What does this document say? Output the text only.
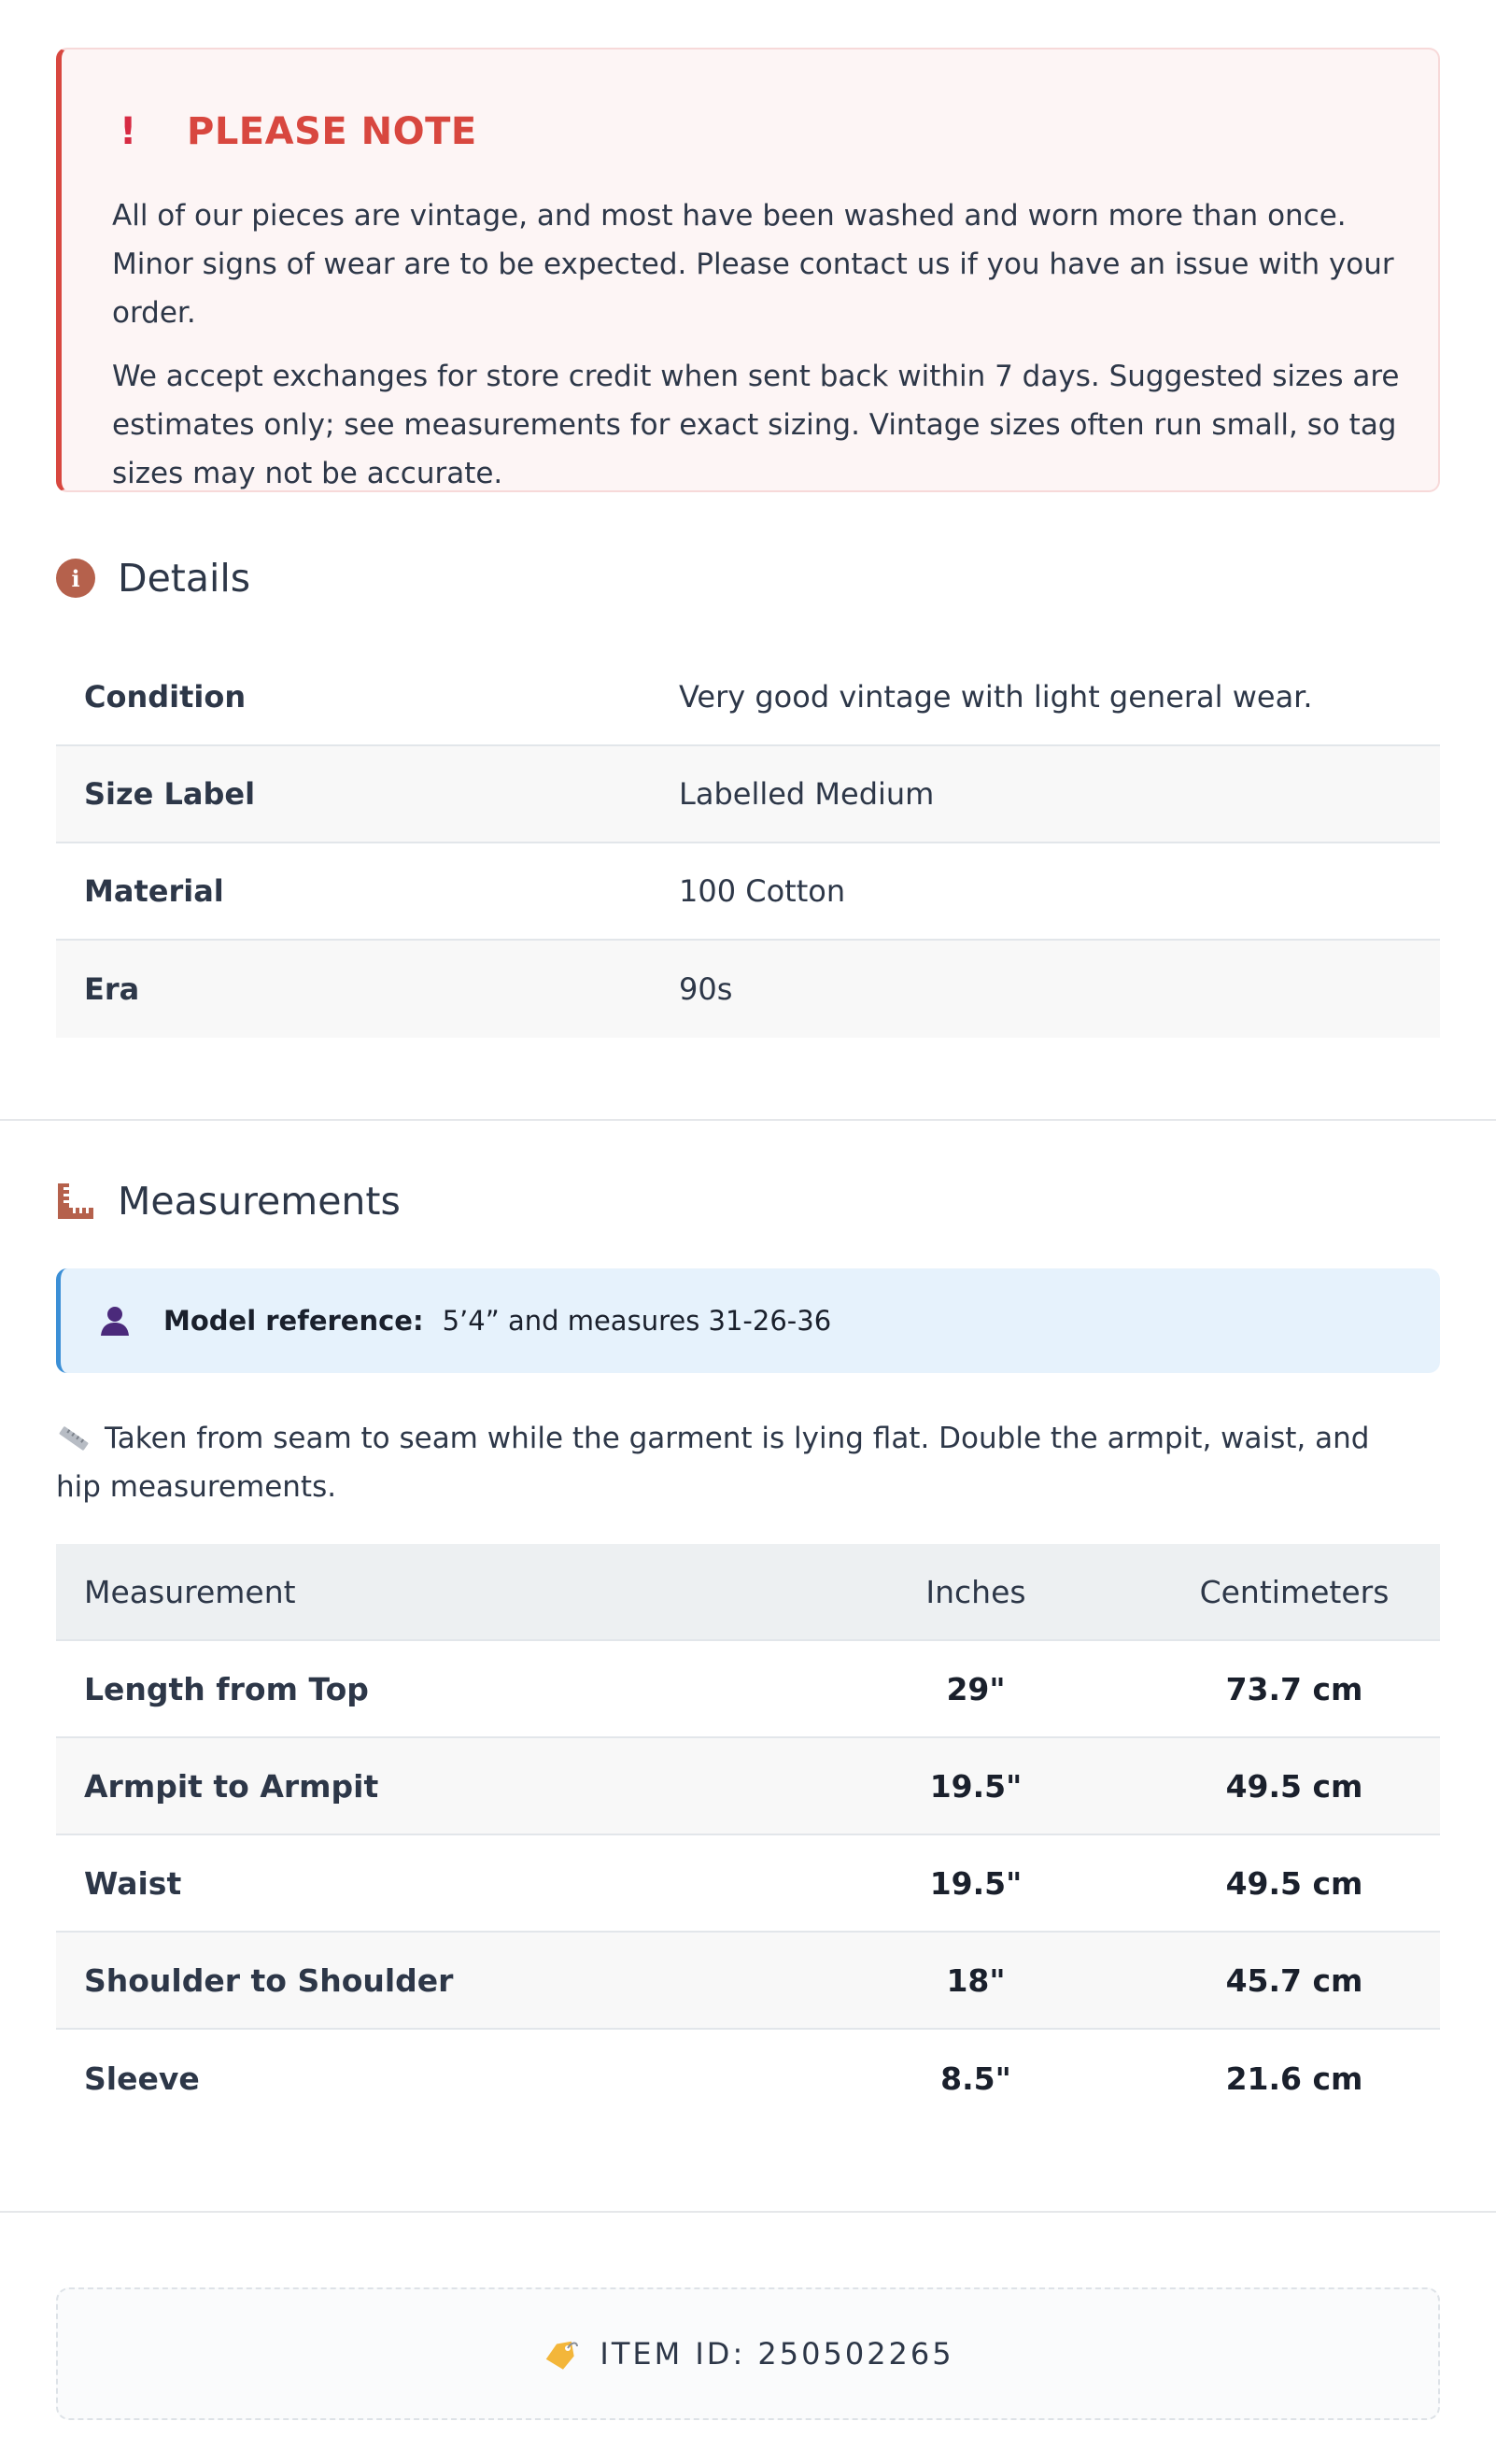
!	PLEASE NOTE

All of our pieces are vintage, and most have been washed and worn more than once. Minor signs of wear are to be expected. Please contact us if you have an issue with your order.

We accept exchanges for store credit when sent back within 7 days. Suggested sizes are estimates only; see measurements for exact sizing. Vintage sizes often run small, so tag sizes may not be accurate.

i Details
Condition	Very good vintage with light general wear.
Size Label	Labelled Medium
Material	100 Cotton
Era	90s
Measurements
Model reference: 5’4” and measures 31-26-36

Taken from seam to seam while the garment is lying flat. Double the armpit, waist, and hip measurements.

Measurement	Inches	Centimeters
Length from Top	29"	73.7 cm
Armpit to Armpit	19.5"	49.5 cm
Waist	19.5"	49.5 cm
Shoulder to Shoulder	18"	45.7 cm
Sleeve	8.5"	21.6 cm
ITEM ID: 250502265
